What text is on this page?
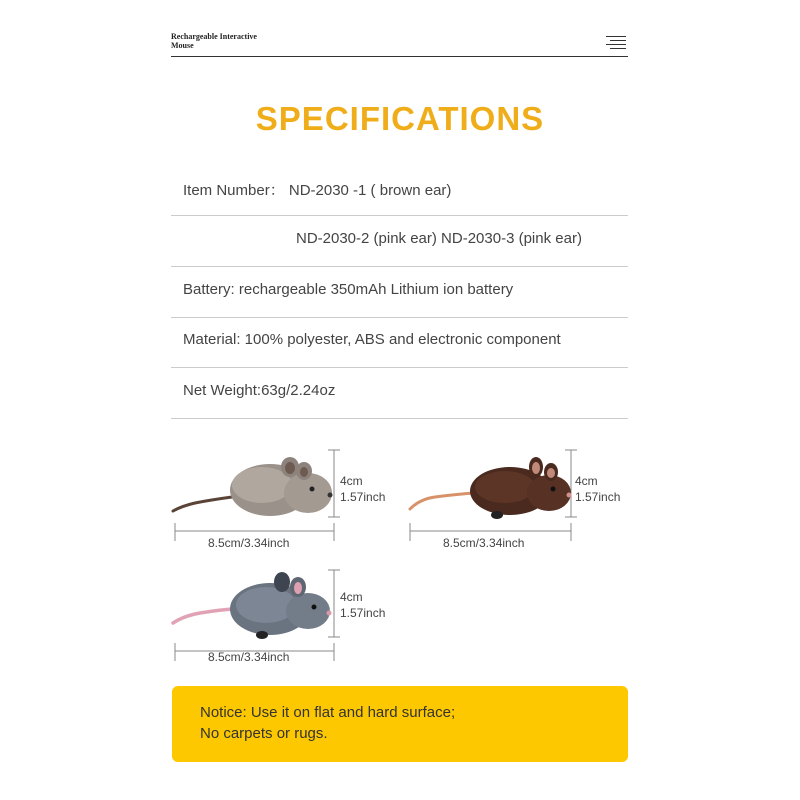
Rechargeable Interactive
Mouse
SPECIFICATIONS
Item Number： ND-2030 -1 ( brown ear)
ND-2030-2 (pink ear) ND-2030-3 (pink ear)
Battery: rechargeable 350mAh Lithium ion battery
Material: 100% polyester, ABS and electronic component
Net Weight:63g/2.24oz
4cm
1.57inch
8.5cm/3.34inch
4cm
1.57inch
8.5cm/3.34inch
4cm
1.57inch
8.5cm/3.34inch
Notice: Use it on flat and hard surface;
No carpets or rugs.
